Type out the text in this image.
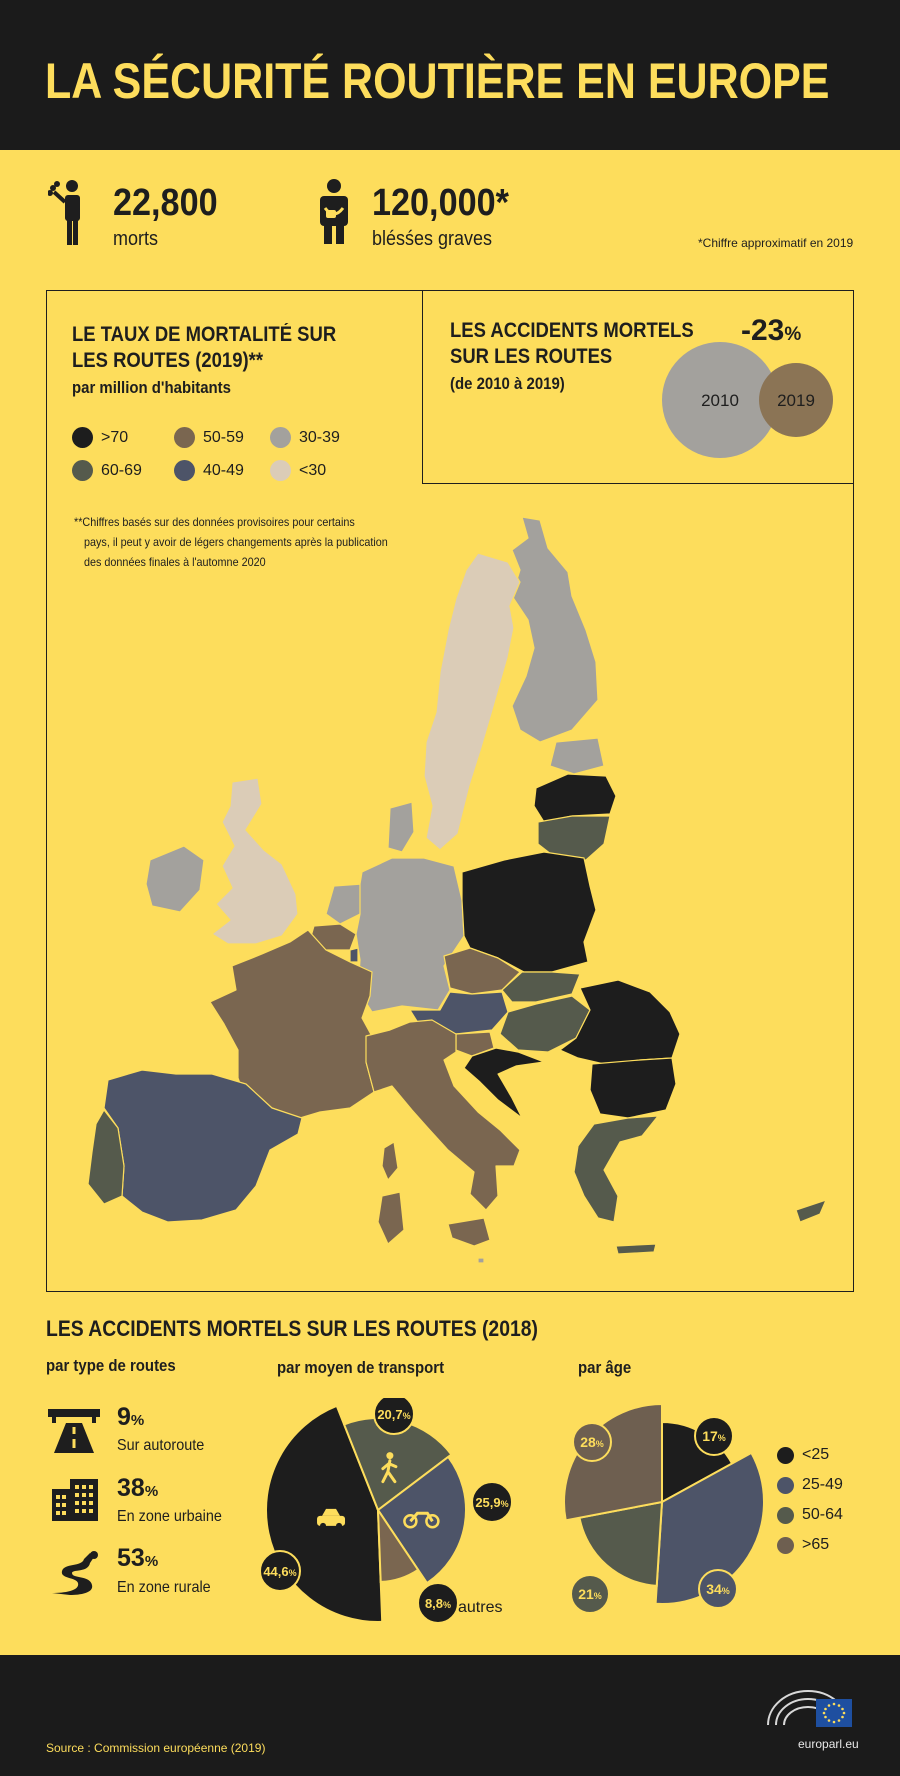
LA SÉCURITÉ ROUTIÈRE EN EUROPE
22,800
morts
120,000*
blésśes graves	*Chiffre approximatif en 2019
LE TAUX DE MORTALITÉ SUR
LES ROUTES (2019)**
par million d'habitants
>70
60-69
50-59
40-49
30-39
<30
**Chiffres basés sur des données provisoires pour certains
pays, il peut y avoir de légers changements après la publication
des données finales à l'automne 2020
LES ACCIDENTS MORTELS
SUR LES ROUTES
(de 2010 à 2019)
-23%
2010 2019
LES ACCIDENTS MORTELS SUR LES ROUTES (2018)
par type de routes	par moyen de transport	par âge
9%
Sur autoroute
38%
En zone urbaine
53%
En zone rurale
44,6%
20,7%
25,9%
8,8% autres
17%
34%
21%
28%
<25
25-49
50-64
>65
Source : Commission européenne (2019)	europarl.eu
